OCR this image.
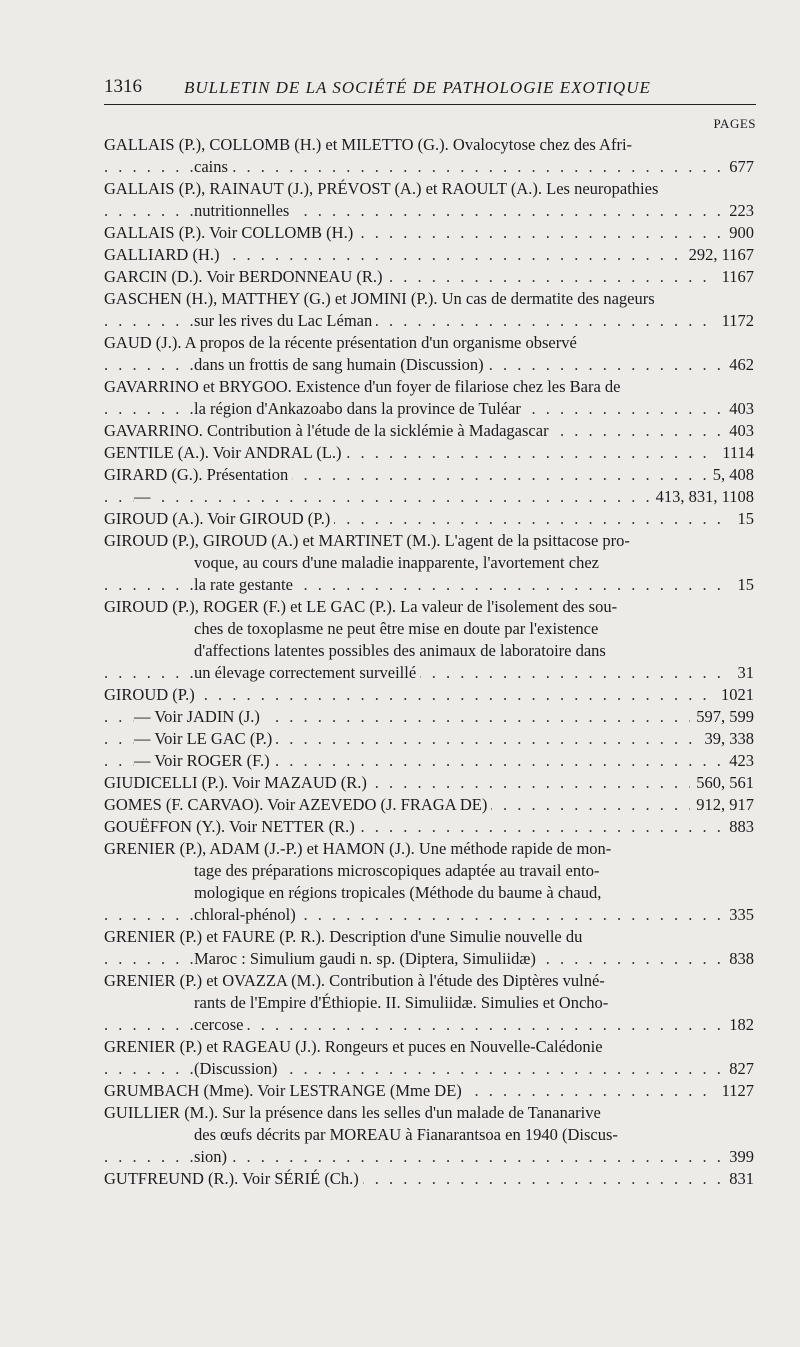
1316 BULLETIN DE LA SOCIÉTÉ DE PATHOLOGIE EXOTIQUE
PAGES
GALLAIS (P.), COLLOMB (H.) et MILETTO (G.). Ovalocytose chez des Afri-
cains	677
. . .
GALLAIS (P.), RAINAUT (J.), PRÉVOST (A.) et RAOULT (A.). Les neuropathies
nutritionnelles	223
. . .
GALLAIS (P.). Voir COLLOMB (H.)	900
. . .
GALLIARD (H.)	292, 1167
. . .
GARCIN (D.). Voir BERDONNEAU (R.)	1167
. . .
GASCHEN (H.), MATTHEY (G.) et JOMINI (P.). Un cas de dermatite des nageurs
sur les rives du Lac Léman	1172
. . .
GAUD (J.). A propos de la récente présentation d'un organisme observé
dans un frottis de sang humain (Discussion)	462
. . .
GAVARRINO et BRYGOO. Existence d'un foyer de filariose chez les Bara de
la région d'Ankazoabo dans la province de Tuléar	403
. . .
GAVARRINO. Contribution à l'étude de la sicklémie à Madagascar	403
. . .
GENTILE (A.). Voir ANDRAL (L.)	1114
. . .
GIRARD (G.). Présentation	5, 408
. . .
—	413, 831, 1108
. . .
GIROUD (A.). Voir GIROUD (P.)	15
. . .
GIROUD (P.), GIROUD (A.) et MARTINET (M.). L'agent de la psittacose pro-
voque, au cours d'une maladie inapparente, l'avortement chez
la rate gestante	15
. . .
GIROUD (P.), ROGER (F.) et LE GAC (P.). La valeur de l'isolement des sou-
ches de toxoplasme ne peut être mise en doute par l'existence
d'affections latentes possibles des animaux de laboratoire dans
un élevage correctement surveillé	31
. . .
GIROUD (P.)	1021
. . .
— Voir JADIN (J.)	597, 599
. . .
— Voir LE GAC (P.)	39, 338
. . .
— Voir ROGER (F.)	423
. . .
GIUDICELLI (P.). Voir MAZAUD (R.)	560, 561
. . .
GOMES (F. CARVAO). Voir AZEVEDO (J. FRAGA DE)	912, 917
. . .
GOUËFFON (Y.). Voir NETTER (R.)	883
. . .
GRENIER (P.), ADAM (J.-P.) et HAMON (J.). Une méthode rapide de mon-
tage des préparations microscopiques adaptée au travail ento-
mologique en régions tropicales (Méthode du baume à chaud,
chloral-phénol)	335
. . .
GRENIER (P.) et FAURE (P. R.). Description d'une Simulie nouvelle du
Maroc : Simulium gaudi n. sp. (Diptera, Simuliidæ)	838
. . .
GRENIER (P.) et OVAZZA (M.). Contribution à l'étude des Diptères vulné-
rants de l'Empire d'Éthiopie. II. Simuliidæ. Simulies et Oncho-
cercose	182
. . .
GRENIER (P.) et RAGEAU (J.). Rongeurs et puces en Nouvelle-Calédonie
(Discussion)	827
. . .
GRUMBACH (Mme). Voir LESTRANGE (Mme DE)	1127
. . .
GUILLIER (M.). Sur la présence dans les selles d'un malade de Tananarive
des œufs décrits par MOREAU à Fianarantsoa en 1940 (Discus-
sion)	399
. . .
GUTFREUND (R.). Voir SÉRIÉ (Ch.)	831
. . .
